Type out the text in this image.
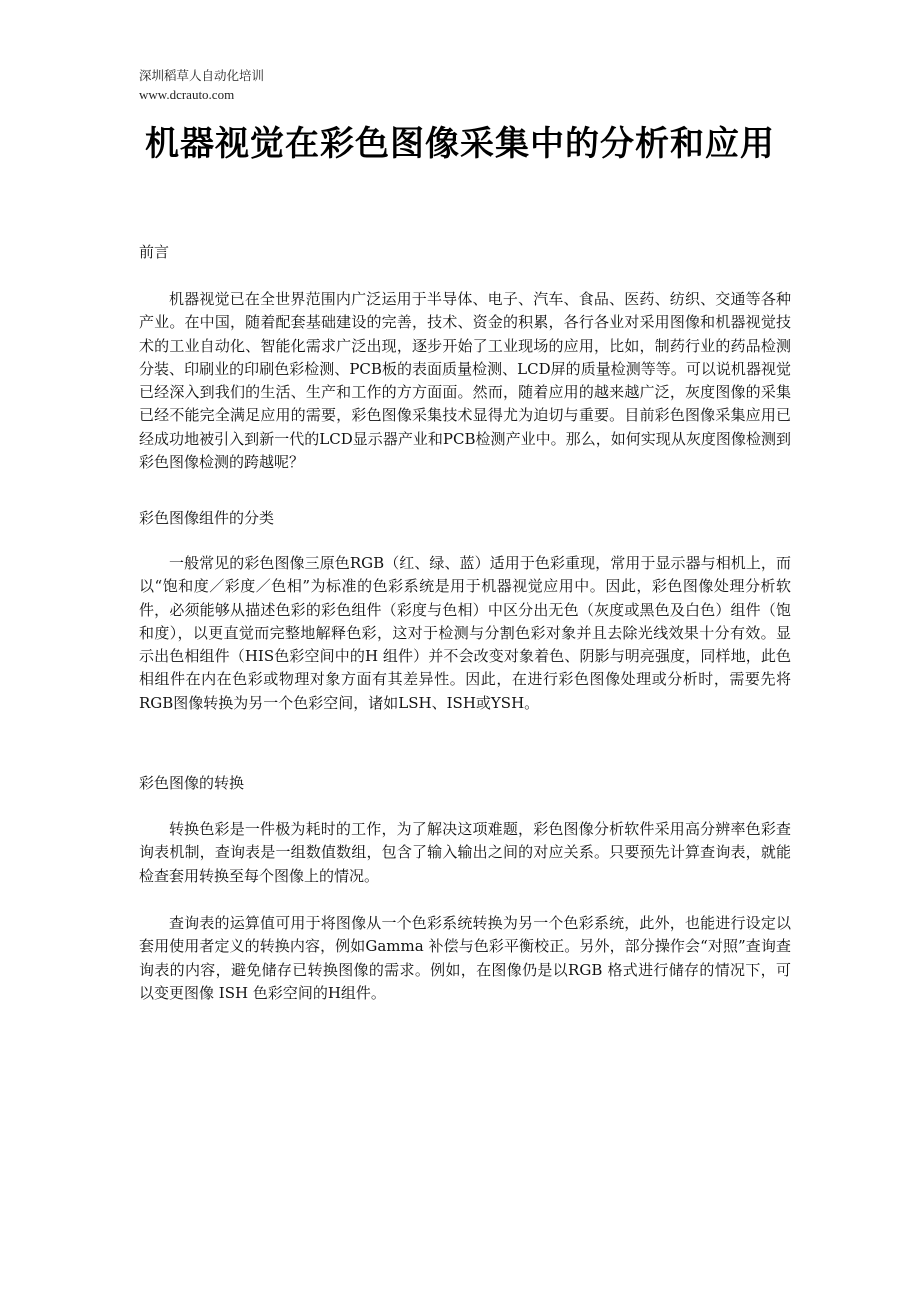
深圳稻草人自动化培训
www.dcrauto.com
机器视觉在彩色图像采集中的分析和应用
前言

机器视觉已在全世界范围内广泛运用于半导体、电子、汽车、食品、医药、纺织、交通等各种产业。在中国，随着配套基础建设的完善，技术、资金的积累，各行各业对采用图像和机器视觉技术的工业自动化、智能化需求广泛出现，逐步开始了工业现场的应用，比如，制药行业的药品检测分装、印刷业的印刷色彩检测、PCB板的表面质量检测、LCD屏的质量检测等等。可以说机器视觉已经深入到我们的生活、生产和工作的方方面面。然而，随着应用的越来越广泛，灰度图像的采集已经不能完全满足应用的需要，彩色图像采集技术显得尤为迫切与重要。目前彩色图像采集应用已经成功地被引入到新一代的LCD显示器产业和PCB检测产业中。那么，如何实现从灰度图像检测到彩色图像检测的跨越呢？

彩色图像组件的分类

一般常见的彩色图像三原色RGB（红、绿、蓝）适用于色彩重现，常用于显示器与相机上，而以“饱和度／彩度／色相”为标准的色彩系统是用于机器视觉应用中。因此，彩色图像处理分析软件，必须能够从描述色彩的彩色组件（彩度与色相）中区分出无色（灰度或黑色及白色）组件（饱和度），以更直觉而完整地解释色彩，这对于检测与分割色彩对象并且去除光线效果十分有效。显示出色相组件（HIS色彩空间中的H 组件）并不会改变对象着色、阴影与明亮强度，同样地，此色相组件在内在色彩或物理对象方面有其差异性。因此，在进行彩色图像处理或分析时，需要先将RGB图像转换为另一个色彩空间，诸如LSH、ISH或YSH。

彩色图像的转换

转换色彩是一件极为耗时的工作，为了解决这项难题，彩色图像分析软件采用高分辨率色彩查询表机制，查询表是一组数值数组，包含了输入输出之间的对应关系。只要预先计算查询表，就能检查套用转换至每个图像上的情况。

查询表的运算值可用于将图像从一个色彩系统转换为另一个色彩系统，此外，也能进行设定以套用使用者定义的转换内容，例如Gamma 补偿与色彩平衡校正。另外，部分操作会“对照”查询查询表的内容，避免储存已转换图像的需求。例如，在图像仍是以RGB 格式进行储存的情况下，可以变更图像 ISH 色彩空间的H组件。
